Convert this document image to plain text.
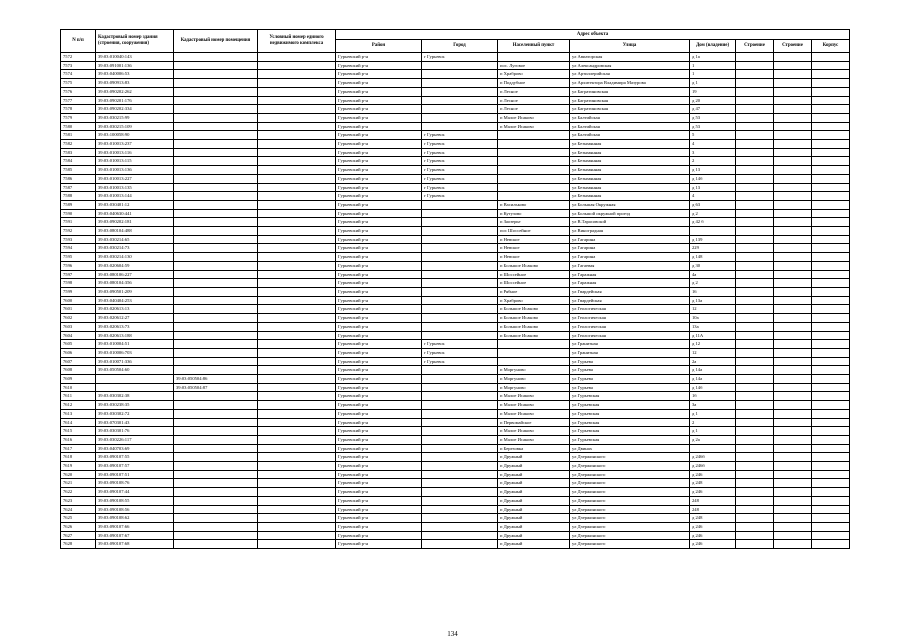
N п/п	Кадастровый номер здания (строения, сооружения)	Кадастровый номер помещения	Условный номер единого недвижимого комплекса	Адрес объекта							
				Район	Город	Населенный пункт	Улица	Дом (владение)	Строение	Строение	Корпус
7572	39:03:010040:143			Гурьевский р-н	г Гурьевск		ул Авиаторская	д 1а			
7573	39:03:091001:136			Гурьевский р-н		пос. Луговое	ул Александровская	1			
7574	39:03:040006:53			Гурьевский р-н		п Храброво	ул Артиллерийская	1			
7575	39:03:090913:83			Гурьевский р-н		п Поддубное	ул Архитектора Владимира Мазурова	д 1			
7576	39:03:090202:262			Гурьевский р-н		п Лесное	ул Багратиновская	19			
7577	39:03:090201:176			Гурьевский р-н		п Лесное	ул Багратиновская	д 20			
7578	39:03:090202:334			Гурьевский р-н		п Лесное	ул Багратиновская	д 47			
7579	39:03:030215:99			Гурьевский р-н		п Малое Исаково	ул Балтийская	д 53			
7580	39:03:030215:109			Гурьевский р-н		п Малое Исаково	ул Балтийская	д 53			
7581	39:03:100058:90			Гурьевский р-н	г Гурьевск		ул Балтийская	5			
7582	39:03:010013:237			Гурьевский р-н	г Гурьевск		ул Безымянная	4			
7583	39:03:010013:116			Гурьевский р-н	г Гурьевск		ул Безымянная	3			
7584	39:03:010013:115			Гурьевский р-н	г Гурьевск		ул Безымянная	2			
7585	39:03:010013:136			Гурьевский р-н	г Гурьевск		ул Безымянная	д 13			
7586	39:03:010013:227			Гурьевский р-н	г Гурьевск		ул Безымянная	д 14б			
7587	39:03:010013:135			Гурьевский р-н	г Гурьевск		ул Безымянная	д 13			
7588	39:03:010013:144			Гурьевский р-н	г Гурьевск		ул Безымянная	4			
7589	39:03:030401:12			Гурьевский р-н		п Васильково	ул Большая Окружная	д 63			
7590	39:03:040630:441			Гурьевский р-н		п Кутузово	ул Большой окружной проезд	д 2			
7591	39:03:090202:181			Гурьевский р-н		п Заозерье	ул В.Тарасовской	д 42 б			
7592	39:03:080104:488			Гурьевский р-н		пос Шоссейное	ул Виноградная				
7593	39:03:030214:65			Гурьевский р-н		п Невское	ул Гагарина	д 139			
7594	39:03:030214:73			Гурьевский р-н		п Невское	ул Гагарина	229			
7595	39:03:030214:130			Гурьевский р-н		п Невское	ул Гагарина	д 148			
7596	39:03:020604:59			Гурьевский р-н		п Большое Исаково	ул Гагаевая	д 30			
7597	39:03:080106:227			Гурьевский р-н		п Шоссейное	ул Гаражная	4а			
7598	39:03:080104:356			Гурьевский р-н		п Шоссейное	ул Гаражная	д 2			
7599	39:03:090501:209			Гурьевский р-н		п Рябное	ул Гвардейская	16			
7600	39:03:040404:253			Гурьевский р-н		п Храброво	ул Гвардейская	д 13а			
7601	39:03:020613:13			Гурьевский р-н		п Большое Исаково	ул Геологическая	12			
7602	39:03:020612:27			Гурьевский р-н		п Большое Исаково	ул Геологическая	10а			
7603	39:03:020613:73			Гурьевский р-н		п Большое Исаково	ул Геологическая	13а			
7604	39:03:020613:188			Гурьевский р-н		п Большое Исаково	ул Геологическая	д 11А			
7605	39:03:010004:51			Гурьевский р-н	г Гурьевск		ул Гранитная	д 12			
7606	39:03:010006:703			Гурьевский р-н	г Гурьевск		ул Гранитная	12			
7607	39:03:010071:336			Гурьевский р-н	г Гурьевск		ул Гурьева	2а			
7608	39:03:050504:60			Гурьевский р-н		п Моргуново	ул Гурьева	д 14а			
7609		39:03:050504:86		Гурьевский р-н		п Моргуново	ул Гурьева	д 14а			
7610		39:03:050504:87		Гурьевский р-н		п Моргуново	ул Гурьева	д 14б			
7611	39:03:030302:38			Гурьевский р-н		п Малое Исаково	ул Гурьевская	1б			
7612	39:03:030238:35			Гурьевский р-н		п Малое Исаково	ул Гурьевская	3а			
7613	39:03:030302:72			Гурьевский р-н		п Малое Исаково	ул Гурьевская	д 1			
7614	39:03:070301:43			Гурьевский р-н		п Первомайское	ул Гурьевская	2			
7615	39:03:030301:76			Гурьевский р-н		п Малое Исаково	ул Гурьевская	д 1			
7616	39:03:030226:117			Гурьевский р-н		п Малое Исаково	ул Гурьевская	д 2а			
7617	39:03:040703:69			Гурьевский р-н		п Березовка	ул Двинах				
7618	39:03:090107:55			Гурьевский р-н		п Дружный	ул Дзержинского	д 246б			
7619	39:03:090107:57			Гурьевский р-н		п Дружный	ул Дзержинского	д 246б			
7620	39:03:090107:51			Гурьевский р-н		п Дружный	ул Дзержинского	д 246			
7621	39:03:090108:76			Гурьевский р-н		п Дружный	ул Дзержинского	д 248			
7622	39:03:090107:44			Гурьевский р-н		п Дружный	ул Дзержинского	д 246			
7623	39:03:090108:55			Гурьевский р-н		п Дружный	ул Дзержинского	248			
7624	39:03:090108:56			Гурьевский р-н		п Дружный	ул Дзержинского	248			
7625	39:03:090108:62			Гурьевский р-н		п Дружный	ул Дзержинского	д 248			
7626	39:03:090107:66			Гурьевский р-н		п Дружный	ул Дзержинского	д 246			
7627	39:03:090107:67			Гурьевский р-н		п Дружный	ул Дзержинского	д 246			
7628	39:03:090107:68			Гурьевский р-н		п Дружный	ул Дзержинского	д 246			
134
